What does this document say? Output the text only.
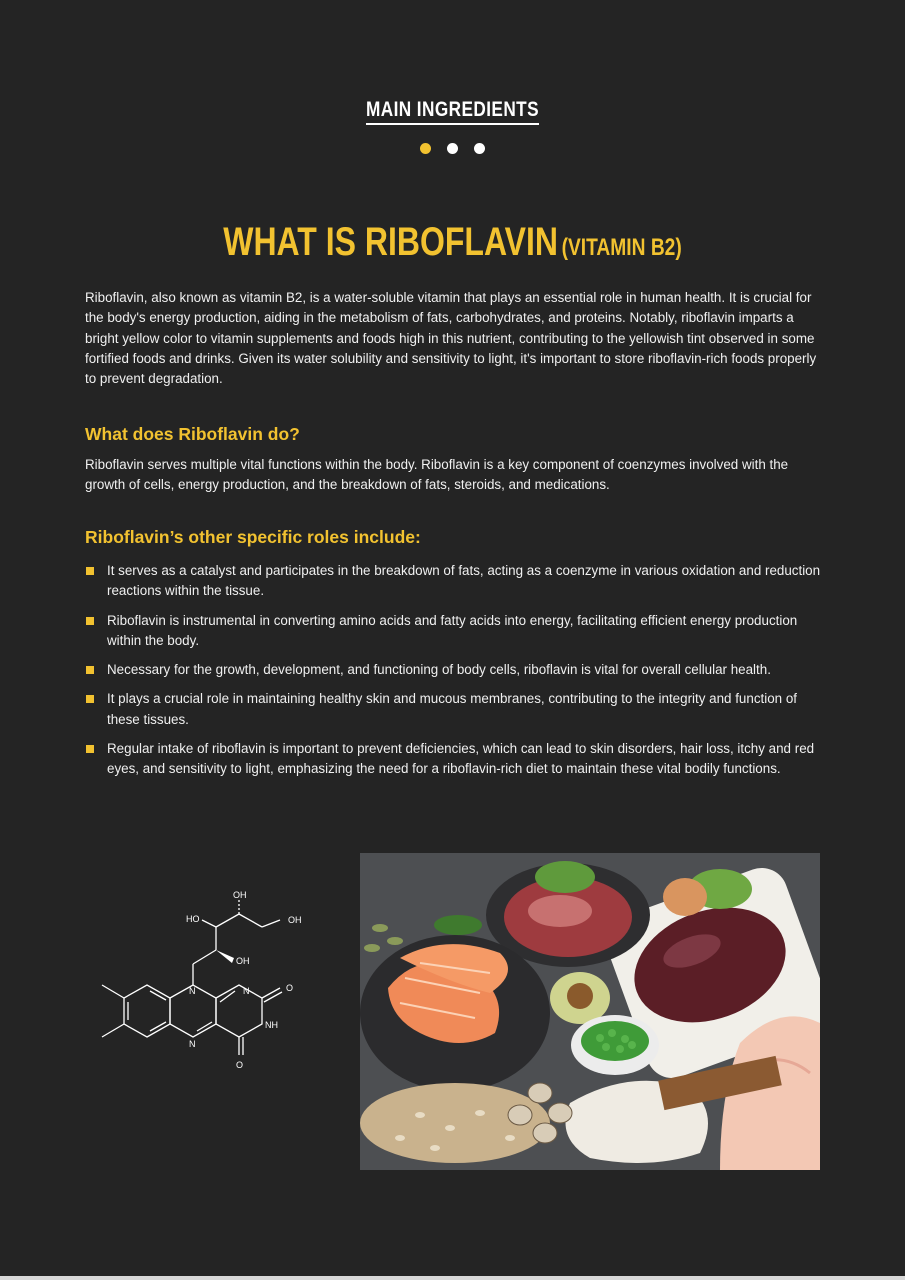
MAIN INGREDIENTS

WHAT IS RIBOFLAVIN (VITAMIN B2)

Riboflavin, also known as vitamin B2, is a water-soluble vitamin that plays an essential role in human health. It is crucial for the body's energy production, aiding in the metabolism of fats, carbohydrates, and proteins. Notably, riboflavin imparts a bright yellow color to vitamin supplements and foods high in this nutrient, contributing to the yellowish tint observed in some fortified foods and drinks. Given its water solubility and sensitivity to light, it's important to store riboflavin-rich foods properly to prevent degradation.

What does Riboflavin do?

Riboflavin serves multiple vital functions within the body. Riboflavin is a key component of coenzymes involved with the growth of cells, energy production, and the breakdown of fats, steroids, and medications.

Riboflavin’s other specific roles include:
It serves as a catalyst and participates in the breakdown of fats, acting as a coenzyme in various oxidation and reduction reactions within the tissue.
Riboflavin is instrumental in converting amino acids and fatty acids into energy, facilitating efficient energy production within the body.
Necessary for the growth, development, and functioning of body cells, riboflavin is vital for overall cellular health.
It plays a crucial role in maintaining healthy skin and mucous membranes, contributing to the integrity and function of these tissues.
Regular intake of riboflavin is important to prevent deficiencies, which can lead to skin disorders, hair loss, itchy and red eyes, and sensitivity to light, emphasizing the need for a riboflavin-rich diet to maintain these vital bodily functions.
OH
HO	OH
OH
N
N
N	O
NH
O
